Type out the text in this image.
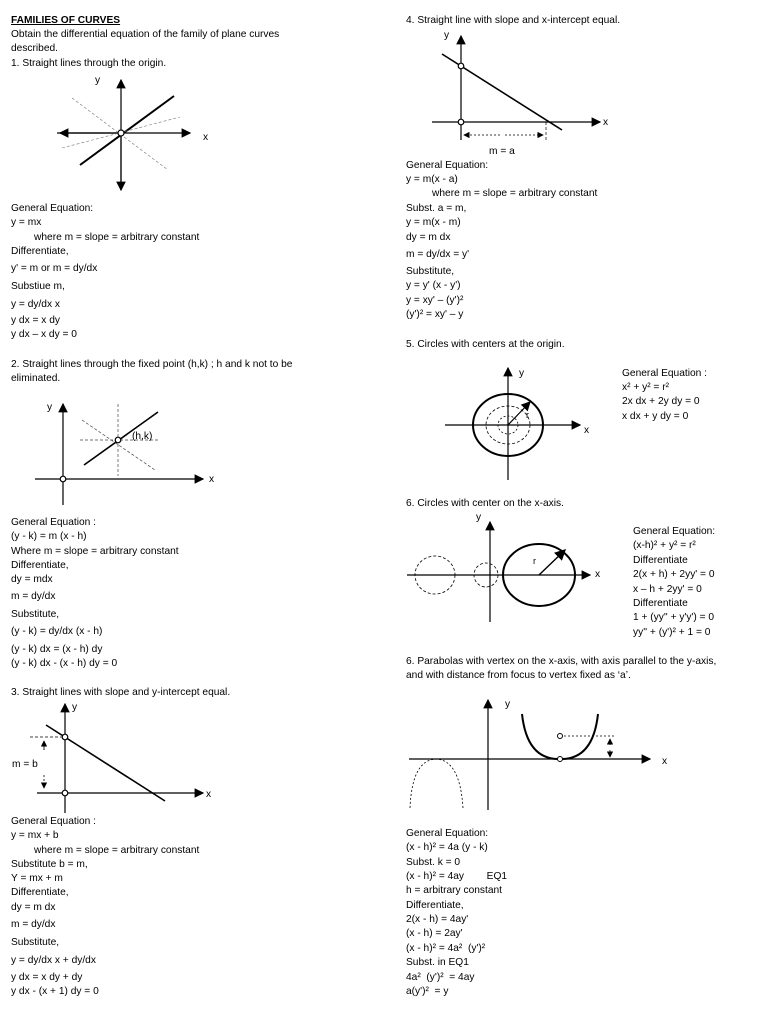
FAMILIES OF CURVES
Obtain the differential equation of the family of plane curves
described.
1. Straight lines through the origin.
y
x
General Equation:
y = mx
where m = slope = arbitrary constant
Differentiate,
y' = m or m = dy/dx
Substiue m,
y = dy/dx x
y dx = x dy
y dx – x dy = 0
2. Straight lines through the fixed point (h,k) ; h and k not to be
eliminated.
y
x
(h,k)
General Equation :
(y - k) = m (x - h)
Where m = slope = arbitrary constant
Differentiate,
dy = mdx
m = dy/dx
Substitute,
(y - k) = dy/dx (x - h)
(y - k) dx = (x - h) dy
(y - k) dx - (x - h) dy = 0
3. Straight lines with slope and y-intercept equal.
y
x
m = b
General Equation :
y = mx + b
where m = slope = arbitrary constant
Substitute b = m,
Y = mx + m
Differentiate,
dy = m dx
m = dy/dx
Substitute,
y = dy/dx x + dy/dx
y dx = x dy + dy
y dx - (x + 1) dy = 0
4. Straight line with slope and x-intercept equal.
y
x
m = a
General Equation:
y = m(x - a)
where m = slope = arbitrary constant
Subst. a = m,
y = m(x - m)
dy = m dx
m = dy/dx = y'
Substitute,
y = y' (x - y')
y = xy' – (y')²
(y')² = xy' – y
5. Circles with centers at the origin.
y
x
r
General Equation :
x² + y² = r²
2x dx + 2y dy = 0
x dx + y dy = 0
6. Circles with center on the x-axis.
y
x
r
General Equation:
(x-h)² + y² = r²
Differentiate
2(x + h) + 2yy' = 0
x – h + 2yy' = 0
Differentiate
1 + (yy'' + y'y') = 0
yy'' + (y')² + 1 = 0
6. Parabolas with vertex on the x-axis, with axis parallel to the y-axis,
and with distance from focus to vertex fixed as ‘a’.
y
x
General Equation:
(x - h)² = 4a (y - k)
Subst. k = 0
(x - h)² = 4ay        EQ1
h = arbitrary constant
Differentiate,
2(x - h) = 4ay'
(x - h) = 2ay'
(x - h)² = 4a²  (y')²
Subst. in EQ1
4a²  (y')²  = 4ay
a(y')²  = y
